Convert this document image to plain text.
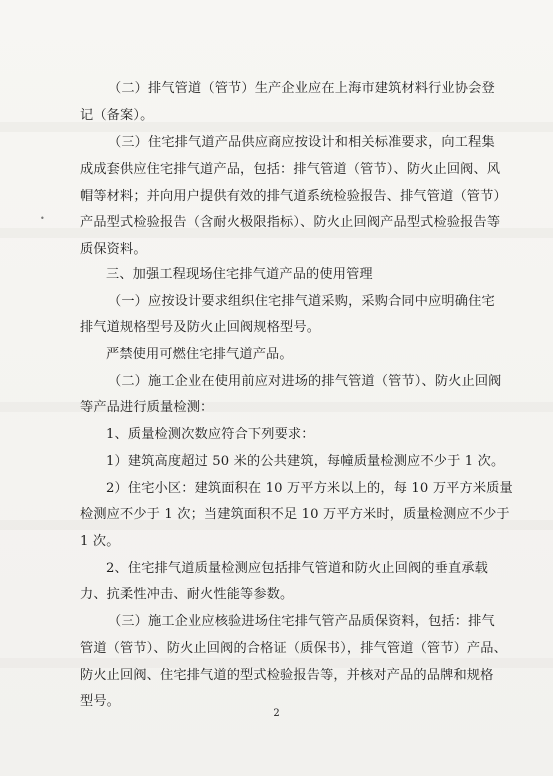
•
（二）排气管道（管节）生产企业应在上海市建筑材料行业协会登
记（备案）。
（三）住宅排气道产品供应商应按设计和相关标准要求，向工程集
成成套供应住宅排气道产品，包括：排气管道（管节）、防火止回阀、风
帽等材料；并向用户提供有效的排气道系统检验报告、排气管道（管节）
产品型式检验报告（含耐火极限指标）、防火止回阀产品型式检验报告等
质保资料。
三、加强工程现场住宅排气道产品的使用管理
（一）应按设计要求组织住宅排气道采购，采购合同中应明确住宅
排气道规格型号及防火止回阀规格型号。
严禁使用可燃住宅排气道产品。
（二）施工企业在使用前应对进场的排气管道（管节）、防火止回阀
等产品进行质量检测：
1、质量检测次数应符合下列要求：
1）建筑高度超过 50 米的公共建筑，每幢质量检测应不少于 1 次。
2）住宅小区：建筑面积在 10 万平方米以上的，每 10 万平方米质量
检测应不少于 1 次；当建筑面积不足 10 万平方米时，质量检测应不少于
1 次。
2、住宅排气道质量检测应包括排气管道和防火止回阀的垂直承载
力、抗柔性冲击、耐火性能等参数。
（三）施工企业应核验进场住宅排气管产品质保资料，包括：排气
管道（管节）、防火止回阀的合格证（质保书），排气管道（管节）产品、
防火止回阀、住宅排气道的型式检验报告等，并核对产品的品牌和规格
型号。
2
